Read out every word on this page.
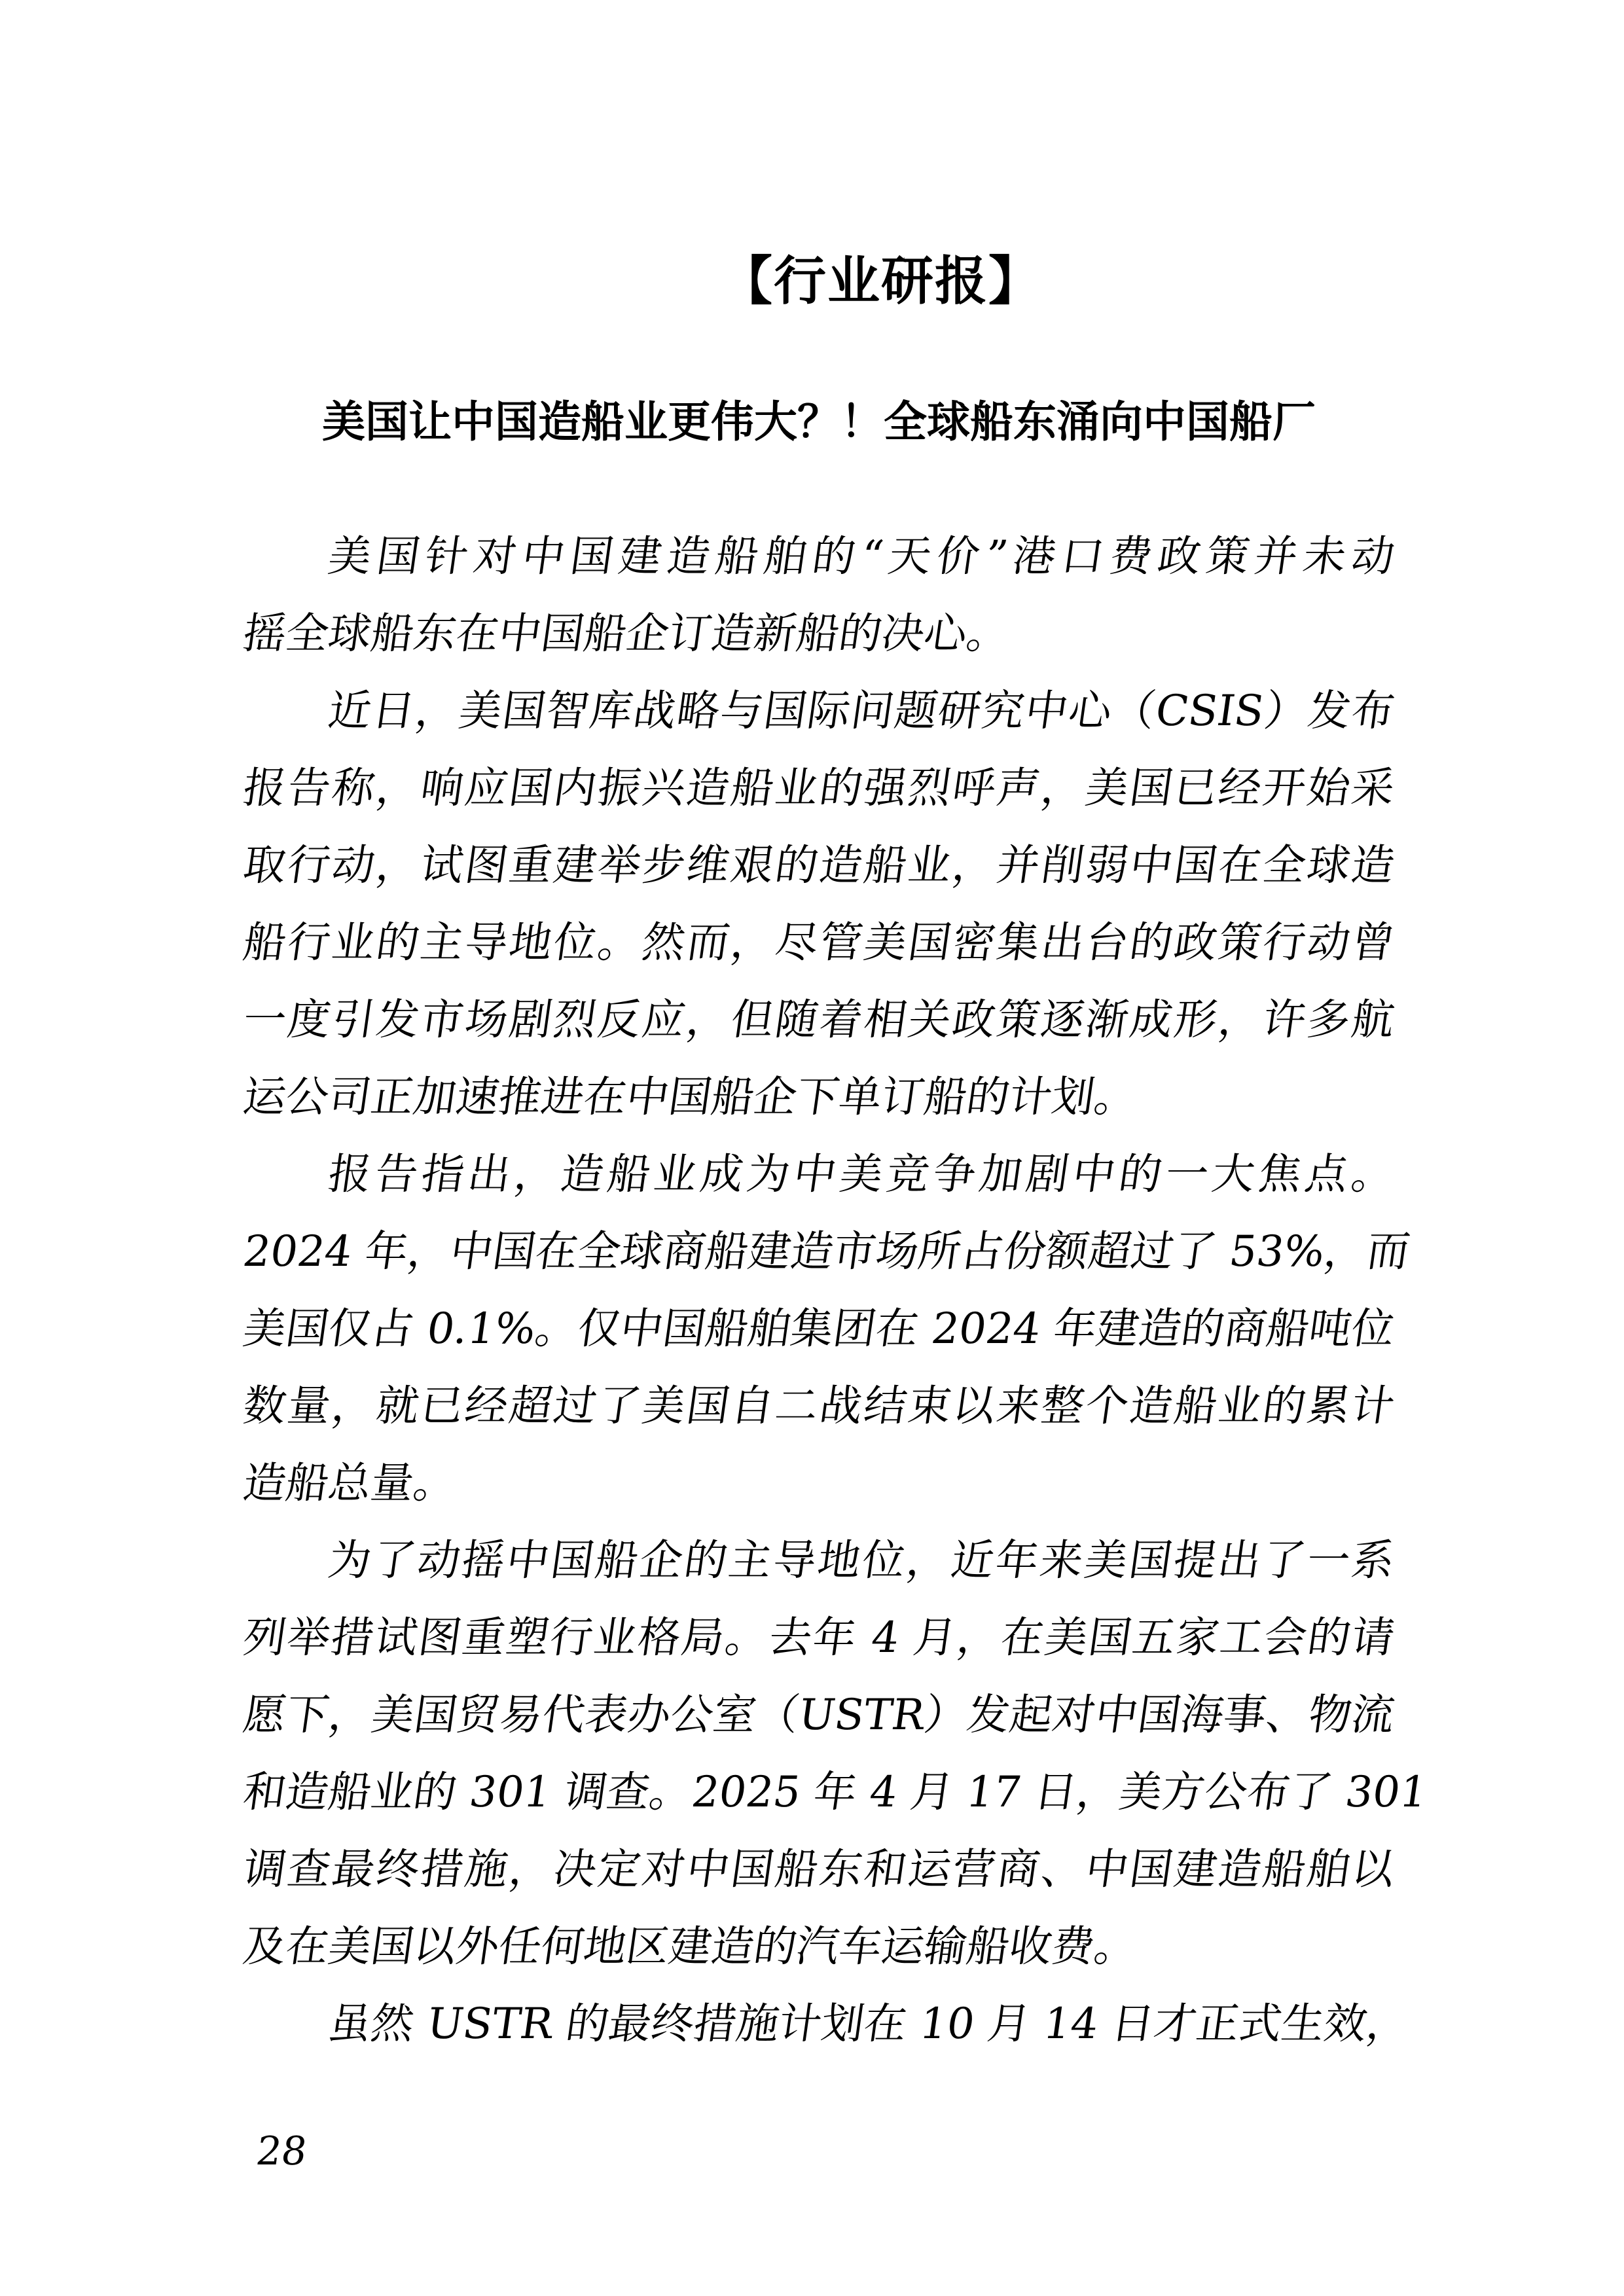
【行业研报】
美国让中国造船业更伟大？！全球船东涌向中国船厂
美国针对中国建造船舶的“天价”港口费政策并未动
摇全球船东在中国船企订造新船的决心。
近日，美国智库战略与国际问题研究中心（CSIS）发布
报告称，响应国内振兴造船业的强烈呼声，美国已经开始采
取行动，试图重建举步维艰的造船业，并削弱中国在全球造
船行业的主导地位。然而，尽管美国密集出台的政策行动曾
一度引发市场剧烈反应，但随着相关政策逐渐成形，许多航
运公司正加速推进在中国船企下单订船的计划。
报告指出，造船业成为中美竞争加剧中的一大焦点。
2024 年，中国在全球商船建造市场所占份额超过了 53%，而
美国仅占 0.1%。仅中国船舶集团在 2024 年建造的商船吨位
数量，就已经超过了美国自二战结束以来整个造船业的累计
造船总量。
为了动摇中国船企的主导地位，近年来美国提出了一系
列举措试图重塑行业格局。去年 4 月，在美国五家工会的请
愿下，美国贸易代表办公室（USTR）发起对中国海事、物流
和造船业的 301 调查。2025 年 4 月 17 日，美方公布了 301
调查最终措施，决定对中国船东和运营商、中国建造船舶以
及在美国以外任何地区建造的汽车运输船收费。
虽然 USTR 的最终措施计划在 10 月 14 日才正式生效，
28
